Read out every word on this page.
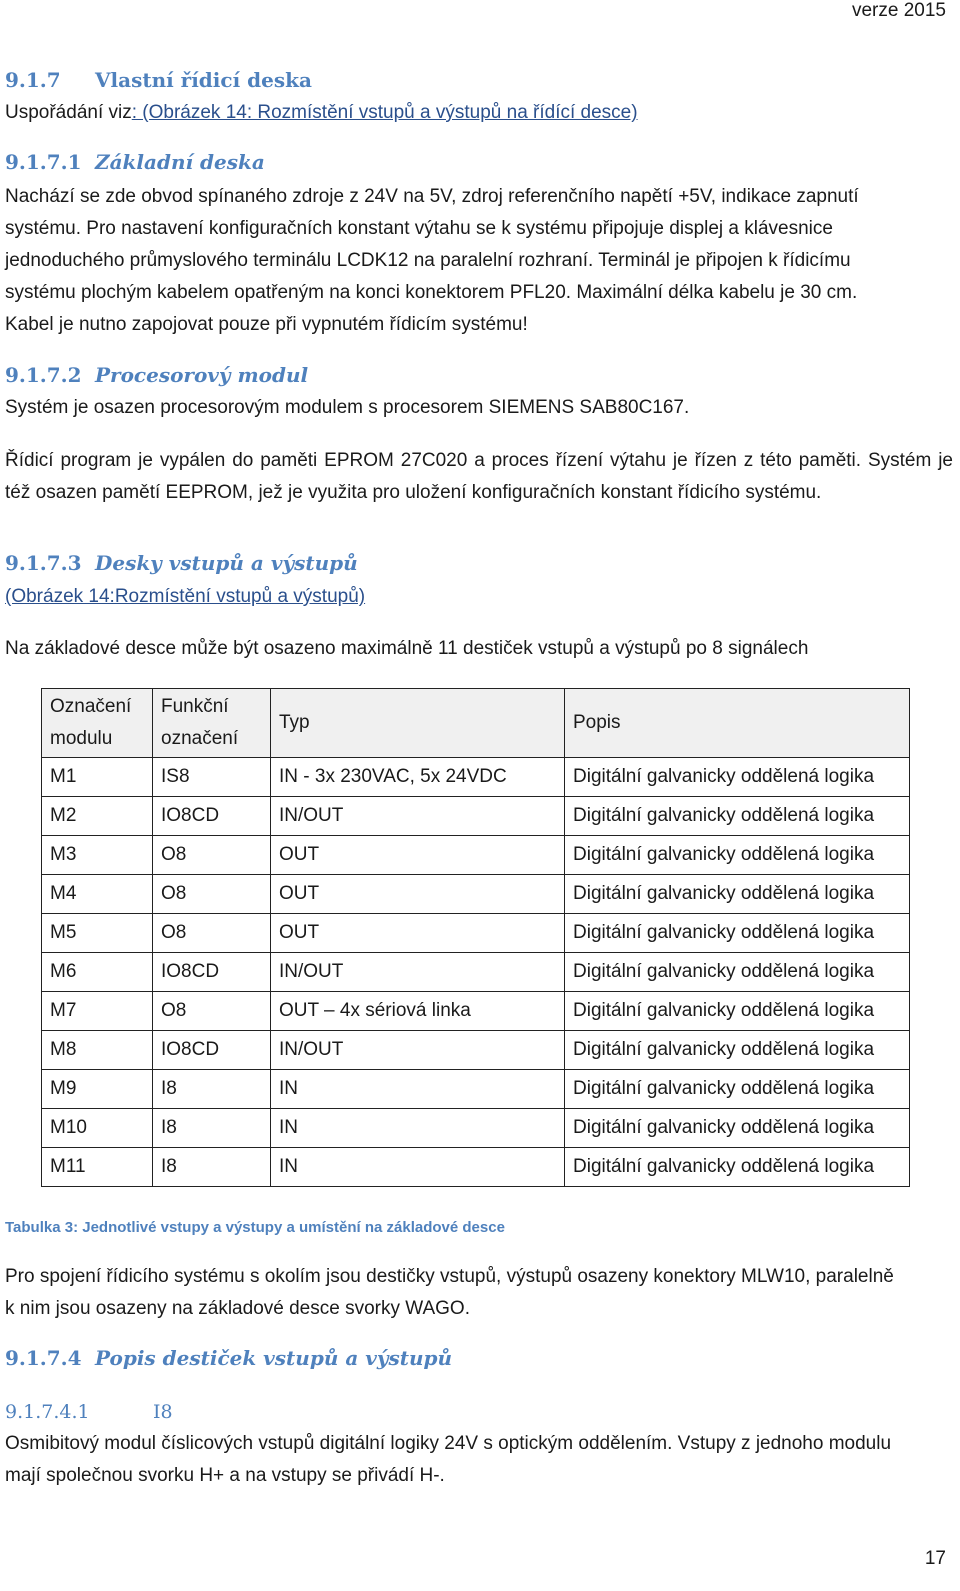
verze 2015
9.1.7 Vlastní řídicí deska
Uspořádání viz: (Obrázek 14: Rozmístění vstupů a výstupů na řídící desce)
9.1.7.1 Základní deska
Nachází se zde obvod spínaného zdroje z 24V na 5V, zdroj referenčního napětí +5V, indikace zapnutí
systému. Pro nastavení konfiguračních konstant výtahu se k systému připojuje displej a klávesnice
jednoduchého průmyslového terminálu LCDK12 na paralelní rozhraní. Terminál je připojen k řídicímu
systému plochým kabelem opatřeným na konci konektorem PFL20. Maximální délka kabelu je 30 cm.
Kabel je nutno zapojovat pouze při vypnutém řídicím systému!
9.1.7.2 Procesorový modul
Systém je osazen procesorovým modulem s procesorem SIEMENS SAB80C167.
Řídicí program je vypálen do paměti EPROM 27C020 a proces řízení výtahu je řízen z této paměti. Systém je též osazen pamětí EEPROM, jež je využita pro uložení konfiguračních konstant řídicího systému.
9.1.7.3 Desky vstupů a výstupů
(Obrázek 14:Rozmístění vstupů a výstupů)
Na základové desce může být osazeno maximálně 11 destiček vstupů a výstupů po 8 signálech
Označení modulu	Funkční označení	Typ	Popis
M1	IS8	IN - 3x 230VAC, 5x 24VDC	Digitální galvanicky oddělená logika
M2	IO8CD	IN/OUT	Digitální galvanicky oddělená logika
M3	O8	OUT	Digitální galvanicky oddělená logika
M4	O8	OUT	Digitální galvanicky oddělená logika
M5	O8	OUT	Digitální galvanicky oddělená logika
M6	IO8CD	IN/OUT	Digitální galvanicky oddělená logika
M7	O8	OUT – 4x sériová linka	Digitální galvanicky oddělená logika
M8	IO8CD	IN/OUT	Digitální galvanicky oddělená logika
M9	I8	IN	Digitální galvanicky oddělená logika
M10	I8	IN	Digitální galvanicky oddělená logika
M11	I8	IN	Digitální galvanicky oddělená logika
Tabulka 3: Jednotlivé vstupy a výstupy a umístění na základové desce
Pro spojení řídicího systému s okolím jsou destičky vstupů, výstupů osazeny konektory MLW10, paralelně k nim jsou osazeny na základové desce svorky WAGO.
9.1.7.4 Popis destiček vstupů a výstupů
9.1.7.4.1	I8
Osmibitový modul číslicových vstupů digitální logiky 24V s optickým oddělením. Vstupy z jednoho modulu mají společnou svorku H+ a na vstupy se přivádí H-.
17
